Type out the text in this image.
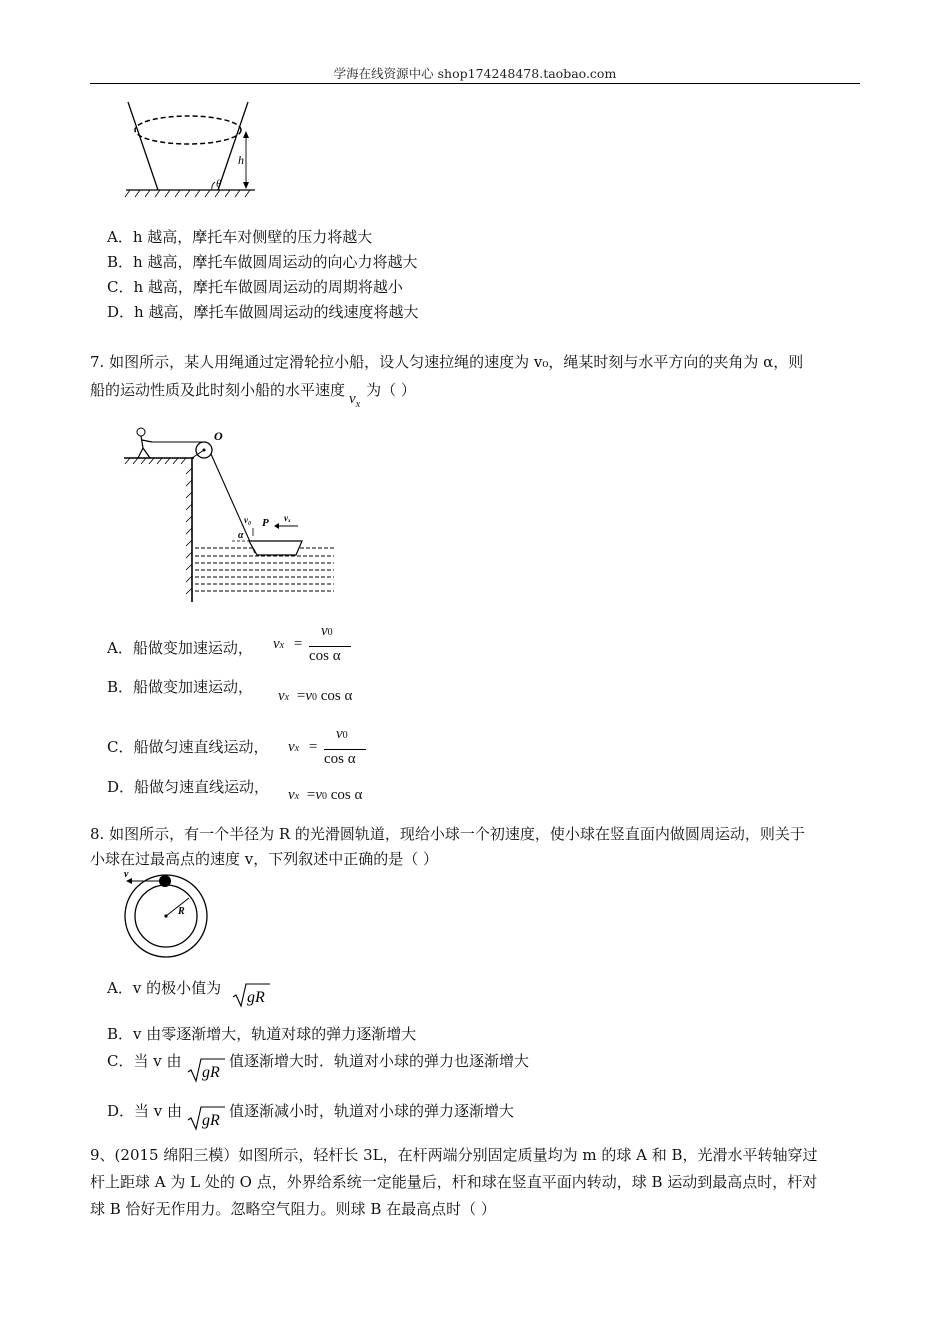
学海在线资源中心 shop174248478.taobao.com
h
θ
A．h 越高，摩托车对侧壁的压力将越大
B．h 越高，摩托车做圆周运动的向心力将越大
C．h 越高，摩托车做圆周运动的周期将越小
D．h 越高，摩托车做圆周运动的线速度将越大
7. 如图所示，某人用绳通过定滑轮拉小船，设人匀速拉绳的速度为 v₀，绳某时刻与水平方向的夹角为 α，则
船的运动性质及此时刻小船的水平速度 $v_x$为（ ）
O
v₀ P vₓ
α
A．船做变加速运动， vx =
v0
cos α
B．船做变加速运动， vx =v0 cos α
C．船做匀速直线运动， vx =
v0
cos α
D．船做匀速直线运动， vx =v0 cos α
8. 如图所示，有一个半径为 R 的光滑圆轨道，现给小球一个初速度，使小球在竖直面内做圆周运动，则关于
小球在过最高点的速度 v，下列叙述中正确的是（ ）
v
R
A．v 的极小值为
gR
B．v 由零逐渐增大，轨道对球的弹力逐渐增大
C．当 v 由
gR
值逐渐增大时．轨道对小球的弹力也逐渐增大
D．当 v 由
gR
值逐渐减小时，轨道对小球的弹力逐渐增大
9、(2015 绵阳三模）如图所示，轻杆长 3L，在杆两端分别固定质量均为 m 的球 A 和 B，光滑水平转轴穿过
杆上距球 A 为 L 处的 O 点，外界给系统一定能量后，杆和球在竖直平面内转动，球 B 运动到最高点时，杆对
球 B 恰好无作用力。忽略空气阻力。则球 B 在最高点时（ ）
